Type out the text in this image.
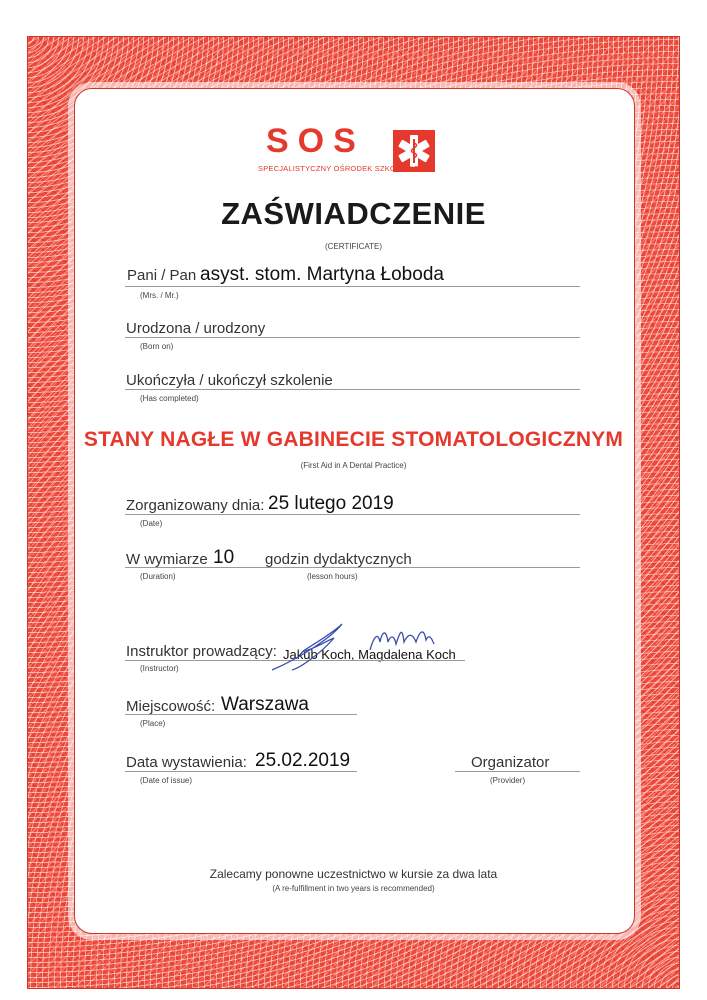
SOS
SPECJALISTYCZNY OŚRODEK SZKOLENIOWY
ZAŚWIADCZENIE
(CERTIFICATE)
Pani / Pan asyst. stom. Martyna Łoboda
(Mrs. / Mr.)
Urodzona / urodzony
(Born on)
Ukończyła / ukończył szkolenie
(Has completed)
STANY NAGŁE W GABINECIE STOMATOLOGICZNYM
(First Aid in A Dental Practice)
Zorganizowany dnia: 25 lutego 2019
(Date)
W wymiarze 10 godzin dydaktycznych
(Duration)	(lesson hours)
Instruktor prowadzący: Jakub Koch, Magdalena Koch
(Instructor)
Miejscowość: Warszawa
(Place)
Data wystawienia: 25.02.2019
(Date of issue)
Organizator
(Provider)
Zalecamy ponowne uczestnictwo w kursie za dwa lata
(A re-fulfillment in two years is recommended)
